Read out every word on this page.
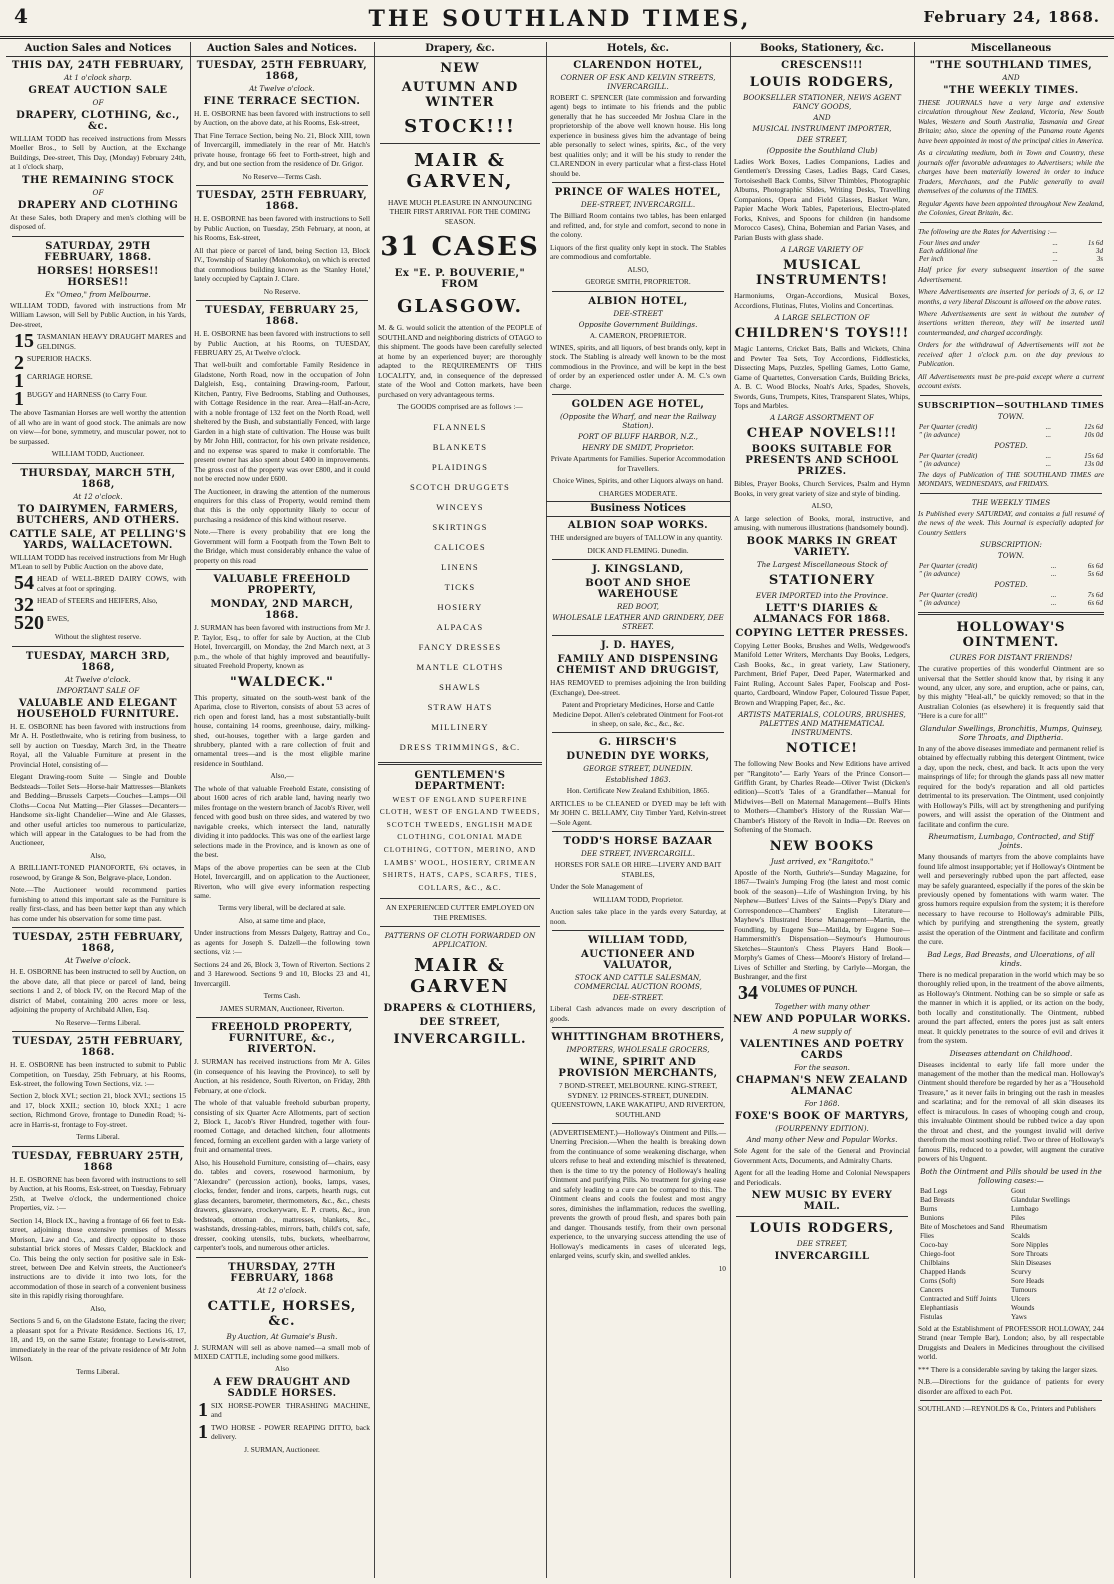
4	THE SOUTHLAND TIMES,	February 24, 1868.
Auction Sales and Notices
THIS DAY, 24TH FEBRUARY,
At 1 o'clock sharp.
GREAT AUCTION SALE
OF
DRAPERY, CLOTHING, &c., &c.

WILLIAM TODD has received instructions from Messrs Moeller Bros., to Sell by Auction, at the Exchange Buildings, Dee-street, This Day, (Monday) February 24th, at 1 o'clock sharp,

THE REMAINING STOCK
OF
DRAPERY AND CLOTHING

At these Sales, both Drapery and men's clothing will be disposed of.

SATURDAY, 29TH FEBRUARY, 1868.
HORSES! HORSES!! HORSES!!
Ex "Omeo," from Melbourne.

WILLIAM TODD, favored with instructions from Mr William Lawson, will Sell by Public Auction, in his Yards, Dee-street,

15 TASMANIAN HEAVY DRAUGHT MARES and GELDINGS.

2 SUPERIOR HACKS.

1 CARRIAGE HORSE.

1 BUGGY and HARNESS (to Carry Four.

The above Tasmanian Horses are well worthy the attention of all who are in want of good stock. The animals are now on view—for bone, symmetry, and muscular power, not to be surpassed.

WILLIAM TODD, Auctioneer.

THURSDAY, MARCH 5TH, 1868,
At 12 o'clock.
TO DAIRYMEN, FARMERS, BUTCHERS, AND OTHERS.
CATTLE SALE, AT PELLING'S YARDS, WALLACETOWN.

WILLIAM TODD has received instructions from Mr Hugh M'Lean to sell by Public Auction on the above date,

54 HEAD of WELL-BRED DAIRY COWS, with calves at foot or springing.

32 HEAD of STEERS and HEIFERS, Also,

520 EWES,

Without the slightest reserve.

TUESDAY, MARCH 3RD, 1868,
At Twelve o'clock.
IMPORTANT SALE OF
VALUABLE AND ELEGANT HOUSEHOLD FURNITURE.

H. E. OSBORNE has been favored with instructions from Mr A. H. Postlethwaite, who is retiring from business, to sell by auction on Tuesday, March 3rd, in the Theatre Royal, all the Valuable Furniture at present in the Provincial Hotel, consisting of—

Elegant Drawing-room Suite — Single and Double Bedsteads—Toilet Sets—Horse-hair Mattresses—Blankets and Bedding—Brussels Carpets—Couches—Lamps—Oil Cloths—Cocoa Nut Matting—Pier Glasses—Decanters—Handsome six-light Chandelier—Wine and Ale Glasses, and other useful articles too numerous to particularize, which will appear in the Catalogues to be had from the Auctioneer,

Also,

A BRILLIANT-TONED PIANOFORTE, 6¾ octaves, in rosewood, by Grange & Son, Belgrave-place, London.

Note.—The Auctioneer would recommend parties furnishing to attend this important sale as the Furniture is really first-class, and has been better kept than any which has come under his observation for some time past.

TUESDAY, 25TH FEBRUARY, 1868,
At Twelve o'clock.

H. E. OSBORNE has been instructed to sell by Auction, on the above date, all that piece or parcel of land, being sections 1 and 2, of block IV, on the Record Map of the district of Mabel, containing 200 acres more or less, adjoining the property of Archibald Allen, Esq.

No Reserve—Terms Liberal.

TUESDAY, 25TH FEBRUARY, 1868.

H. E. OSBORNE has been instructed to submit to Public Competition, on Tuesday, 25th February, at his Rooms, Esk-street, the following Town Sections, viz. :—

Section 2, block XVI.; section 21, block XVI.; sections 15 and 17, block XXII.; section 10, block XXI.; 1 acre section, Richmond Grove, frontage to Dunedin Road; ¼-acre in Harris-st, frontage to Foy-street.

Terms Liberal.

TUESDAY, FEBRUARY 25TH, 1868

H. E. OSBORNE has been favored with instructions to sell by Auction, at his Rooms, Esk-street, on Tuesday, February 25th, at Twelve o'clock, the undermentioned choice Properties, viz. :—

Section 14, Block IX., having a frontage of 66 feet to Esk-street, adjoining those extensive premises of Messrs Morison, Law and Co., and directly opposite to those substantial brick stores of Messrs Calder, Blacklock and Co. This being the only section for positive sale in Esk-street, between Dee and Kelvin streets, the Auctioneer's instructions are to divide it into two lots, for the accommodation of those in search of a convenient business site in this rapidly rising thoroughfare.

Also,

Sections 5 and 6, on the Gladstone Estate, facing the river; a pleasant spot for a Private Residence. Sections 16, 17, 18, and 19, on the same Estate; frontage to Lewis-street, immediately in the rear of the private residence of Mr John Wilson.

Terms Liberal.

Auction Sales and Notices.
TUESDAY, 25TH FEBRUARY, 1868,
At Twelve o'clock.
FINE TERRACE SECTION.

H. E. OSBORNE has been favored with instructions to sell by Auction, on the above date, at his Rooms, Esk-street,

That Fine Terrace Section, being No. 21, Block XIII, town of Invercargill, immediately in the rear of Mr. Hatch's private house, frontage 66 feet to Forth-street, high and dry, and but one section from the residence of Dr. Grigor.

No Reserve—Terms Cash.

TUESDAY, 25TH FEBRUARY, 1868.

H. E. OSBORNE has been favored with instructions to Sell by Public Auction, on Tuesday, 25th February, at noon, at his Rooms, Esk-street,

All that piece or parcel of land, being Section 13, Block IV., Township of Stanley (Mokomoko), on which is erected that commodious building known as the 'Stanley Hotel,' lately occupied by Captain J. Clare.

No Reserve.

TUESDAY, FEBRUARY 25, 1868.

H. E. OSBORNE has been favored with instructions to sell by Public Auction, at his Rooms, on TUESDAY, FEBRUARY 25, At Twelve o'clock.

That well-built and comfortable Family Residence in Gladstone, North Road, now in the occupation of John Dalgleish, Esq., containing Drawing-room, Parlour, Kitchen, Pantry, Five Bedrooms, Stabling and Outhouses, with Cottage Residence in the rear. Area—Half-an-Acre, with a noble frontage of 132 feet on the North Road, well sheltered by the Bush, and substantially Fenced, with large Garden in a high state of cultivation. The House was built by Mr John Hill, contractor, for his own private residence, and no expense was spared to make it comfortable. The present owner has also spent about £400 in improvements. The gross cost of the property was over £800, and it could not be erected now under £600.

The Auctioneer, in drawing the attention of the numerous enquirers for this class of Property, would remind them that this is the only opportunity likely to occur of purchasing a residence of this kind without reserve.

Note.—There is every probability that ere long the Government will form a Footpath from the Town Belt to the Bridge, which must considerably enhance the value of property on this road

VALUABLE FREEHOLD PROPERTY,
MONDAY, 2ND MARCH, 1868.

J. SURMAN has been favored with instructions from Mr J. P. Taylor, Esq., to offer for sale by Auction, at the Club Hotel, Invercargill, on Monday, the 2nd March next, at 3 p.m., the whole of that highly improved and beautifully-situated Freehold Property, known as

"WALDECK."

This property, situated on the south-west bank of the Aparima, close to Riverton, consists of about 53 acres of rich open and forest land, has a most substantially-built house, containing 14 rooms, greenhouse, dairy, milking-shed, out-houses, together with a large garden and shrubbery, planted with a rare collection of fruit and ornamental trees—and is the most eligible marine residence in Southland.

Also,—

The whole of that valuable Freehold Estate, consisting of about 1600 acres of rich arable land, having nearly two miles frontage on the western branch of Jacob's River, well fenced with good bush on three sides, and watered by two navigable creeks, which intersect the land, naturally dividing it into paddocks. This was one of the earliest large selections made in the Province, and is known as one of the best.

Maps of the above properties can be seen at the Club Hotel, Invercargill, and on application to the Auctioneer, Riverton, who will give every information respecting same.

Terms very liberal, will be declared at sale.

Also, at same time and place,

Under instructions from Messrs Dalgety, Rattray and Co., as agents for Joseph S. Dalzell—the following town sections, viz :—

Sections 24 and 26, Block 3, Town of Riverton. Sections 2 and 3 Harewood. Sections 9 and 10, Blocks 23 and 41, Invercargill.

Terms Cash.

JAMES SURMAN, Auctioneer, Riverton.

FREEHOLD PROPERTY, FURNITURE, &c., RIVERTON.

J. SURMAN has received instructions from Mr A. Giles (in consequence of his leaving the Province), to sell by Auction, at his residence, South Riverton, on Friday, 28th February, at one o'clock.

The whole of that valuable freehold suburban property, consisting of six Quarter Acre Allotments, part of section 2, Block I., Jacob's River Hundred, together with four-roomed Cottage, and detached kitchen, four allotments fenced, forming an excellent garden with a large variety of fruit and ornamental trees.

Also, his Household Furniture, consisting of—chairs, easy do. tables and covers, rosewood harmonium, by "Alexandre" (percussion action), books, lamps, vases, clocks, fender, fender and irons, carpets, hearth rugs, cut glass decanters, barometer, thermometers, &c., &c., chests drawers, glassware, crockeryware, E. P. cruets, &c., iron bedsteads, ottoman do., mattresses, blankets, &c., washstands, dressing-tables, mirrors, bath, child's cot, safe, dresser, cooking utensils, tubs, buckets, wheelbarrow, carpenter's tools, and numerous other articles.

THURSDAY, 27TH FEBRUARY, 1868
At 12 o'clock.
CATTLE, HORSES, &c.
By Auction, At Gumaie's Bush.

J. SURMAN will sell as above named—a small mob of MIXED CATTLE, including some good milkers.

Also

A FEW DRAUGHT AND SADDLE HORSES.

1 SIX HORSE-POWER THRASHING MACHINE, and

1 TWO HORSE - POWER REAPING DITTO, back delivery.

J. SURMAN, Auctioneer.

Drapery, &c.
NEW
AUTUMN AND WINTER
STOCK!!!
MAIR & GARVEN,

HAVE MUCH PLEASURE IN ANNOUNCING THEIR FIRST ARRIVAL FOR THE COMING SEASON.

31 CASES
Ex "E. P. BOUVERIE," FROM
GLASGOW.

M. & G. would solicit the attention of the PEOPLE of SOUTHLAND and neighboring districts of OTAGO to this shipment. The goods have been carefully selected at home by an experienced buyer; are thoroughly adapted to the REQUIREMENTS OF THIS LOCALITY, and, in consequence of the depressed state of the Wool and Cotton markets, have been purchased on very advantageous terms.

The GOODS comprised are as follows :—

FLANNELS
BLANKETS
PLAIDINGS
SCOTCH DRUGGETS
WINCEYS
SKIRTINGS
CALICOES
LINENS
TICKS
HOSIERY
ALPACAS
FANCY DRESSES
MANTLE CLOTHS
SHAWLS
STRAW HATS
MILLINERY
DRESS TRIMMINGS, &C.
GENTLEMEN'S DEPARTMENT:

WEST OF ENGLAND SUPERFINE CLOTH, WEST OF ENGLAND TWEEDS, SCOTCH TWEEDS, ENGLISH MADE CLOTHING, COLONIAL MADE CLOTHING, COTTON, MERINO, AND LAMBS' WOOL, HOSIERY, CRIMEAN SHIRTS, HATS, CAPS, SCARFS, TIES, COLLARS, &C., &C.

AN EXPERIENCED CUTTER EMPLOYED ON THE PREMISES.

PATTERNS OF CLOTH FORWARDED ON APPLICATION.
MAIR & GARVEN
DRAPERS & CLOTHIERS,
DEE STREET,
INVERCARGILL.
Hotels, &c.
CLARENDON HOTEL,
CORNER OF ESK AND KELVIN STREETS, INVERCARGILL.

ROBERT C. SPENCER (late commission and forwarding agent) begs to intimate to his friends and the public generally that he has succeeded Mr Joshua Clare in the proprietorship of the above well known house. His long experience in business gives him the advantage of being able personally to select wines, spirits, &c., of the very best qualities only; and it will be his study to render the CLARENDON in every particular what a first-class Hotel should be.

PRINCE OF WALES HOTEL,
DEE-STREET, INVERCARGILL.

The Billiard Room contains two tables, has been enlarged and refitted, and, for style and comfort, second to none in the colony.

Liquors of the first quality only kept in stock. The Stables are commodious and comfortable.

ALSO,

GEORGE SMITH, PROPRIETOR.

ALBION HOTEL,
DEE-STREET
Opposite Government Buildings.

A. CAMERON, PROPRIETOR.

WINES, spirits, and all liquors, of best brands only, kept in stock. The Stabling is already well known to be the most commodious in the Province, and will be kept in the best of order by an experienced ostler under A. M. C.'s own charge.

GOLDEN AGE HOTEL,
(Opposite the Wharf, and near the Railway Station).
PORT OF BLUFF HARBOR, N.Z.,
HENRY DE SMIDT, Proprietor.

Private Apartments for Families. Superior Accommodation for Travellers.

Choice Wines, Spirits, and other Liquors always on hand.

CHARGES MODERATE.

Business Notices
ALBION SOAP WORKS.

THE undersigned are buyers of TALLOW in any quantity.

DICK AND FLEMING. Dunedin.

J. KINGSLAND,
BOOT AND SHOE WAREHOUSE
RED BOOT,
WHOLESALE LEATHER AND GRINDERY, DEE STREET.
J. D. HAYES,
FAMILY AND DISPENSING CHEMIST AND DRUGGIST,

HAS REMOVED to premises adjoining the Iron building (Exchange), Dee-street.

Patent and Proprietary Medicines, Horse and Cattle Medicine Depot. Allen's celebrated Ointment for Foot-rot in sheep, on sale, &c., &c., &c.

G. HIRSCH'S
DUNEDIN DYE WORKS,
GEORGE STREET, DUNEDIN.
Established 1863.

Hon. Certificate New Zealand Exhibition, 1865.

ARTICLES to be CLEANED or DYED may be left with Mr JOHN C. BELLAMY, City Timber Yard, Kelvin-street—Sole Agent.

TODD'S HORSE BAZAAR
DEE STREET, INVERCARGILL.

HORSES FOR SALE OR HIRE—LIVERY AND BAIT STABLES,

Under the Sole Management of

WILLIAM TODD, Proprietor.

Auction sales take place in the yards every Saturday, at noon.

WILLIAM TODD,
AUCTIONEER AND VALUATOR,
STOCK AND CATTLE SALESMAN, COMMERCIAL AUCTION ROOMS,
DEE-STREET.

Liberal Cash advances made on every description of goods.

WHITTINGHAM BROTHERS,
IMPORTERS, WHOLESALE GROCERS,
WINE, SPIRIT AND PROVISION MERCHANTS,

7 BOND-STREET, MELBOURNE. KING-STREET, SYDNEY. 12 PRINCES-STREET, DUNEDIN. QUEENSTOWN, LAKE WAKATIPU, AND RIVERTON, SOUTHLAND

(ADVERTISEMENT.)—Holloway's Ointment and Pills.—Unerring Precision.—When the health is breaking down from the continuance of some weakening discharge, when ulcers refuse to heal and extending mischief is threatened, then is the time to try the potency of Holloway's healing Ointment and purifying Pills. No treatment for giving ease and safely leading to a cure can be compared to this. The Ointment cleans and cools the foulest and most angry sores, diminishes the inflammation, reduces the swelling, prevents the growth of proud flesh, and spares both pain and danger. Thousands testify, from their own personal experience, to the unvarying success attending the use of Holloway's medicaments in cases of ulcerated legs, enlarged veins, scurfy skin, and swelled ankles.

10

Books, Stationery, &c.
CRESCENS!!!
LOUIS RODGERS,
BOOKSELLER STATIONER, NEWS AGENT FANCY GOODS,
AND
MUSICAL INSTRUMENT IMPORTER,
DEE STREET,
(Opposite the Southland Club)

Ladies Work Boxes, Ladies Companions, Ladies and Gentlemen's Dressing Cases, Ladies Bags, Card Cases, Tortoiseshell Back Combs, Silver Thimbles, Photographic Albums, Photographic Slides, Writing Desks, Travelling Companions, Opera and Field Glasses, Basket Ware, Papier Mache Work Tables, Papeterious, Electro-plated Forks, Knives, and Spoons for children (in handsome Morocco Cases), China, Bohemian and Parian Vases, and Parian Busts with glass shade.

A LARGE VARIETY OF
MUSICAL INSTRUMENTS!

Harmoniums, Organ-Accordions, Musical Boxes, Accordions, Flutinas, Flutes, Violins and Concertinas.

A LARGE SELECTION OF
CHILDREN'S TOYS!!!

Magic Lanterns, Cricket Bats, Balls and Wickets, China and Pewter Tea Sets, Toy Accordions, Fiddlesticks, Dissecting Maps, Puzzles, Spelling Games, Lotto Game, Game of Quartettes, Conversation Cards, Building Bricks, A. B. C. Wood Blocks, Noah's Arks, Spades, Shovels, Swords, Guns, Trumpets, Kites, Transparent Slates, Whips, Tops and Marbles.

A LARGE ASSORTMENT OF
CHEAP NOVELS!!!
BOOKS SUITABLE FOR PRESENTS AND SCHOOL PRIZES.

Bibles, Prayer Books, Church Services, Psalm and Hymn Books, in very great variety of size and style of binding.

ALSO,

A large selection of Books, moral, instructive, and amusing, with numerous illustrations (handsomely bound).

BOOK MARKS IN GREAT VARIETY.
The Largest Miscellaneous Stock of
STATIONERY
EVER IMPORTED into the Province.
LETT'S DIARIES & ALMANACS FOR 1868.
COPYING LETTER PRESSES.

Copying Letter Books, Brushes and Wells, Wedgewood's Manifold Letter Writers, Merchants Day Books, Ledgers, Cash Books, &c., in great variety, Law Stationery, Parchment, Brief Paper, Deed Paper, Watermarked and Faint Ruling, Account Sales Paper, Foolscap and Post-quarto, Cardboard, Window Paper, Coloured Tissue Paper, Brown and Wrapping Paper, &c., &c.

ARTISTS MATERIALS, COLOURS, BRUSHES, PALETTES AND MATHEMATICAL INSTRUMENTS.
NOTICE!

The following New Books and New Editions have arrived per "Rangitoto"— Early Years of the Prince Consort—Griffith Grant, by Charles Reade—Oliver Twist (Dicken's edition)—Scott's Tales of a Grandfather—Manual for Midwives—Bell on Maternal Management—Bull's Hints to Mothers—Chamber's History of the Russian War—Chamber's History of the Revolt in India—Dr. Reeves on Softening of the Stomach.

NEW BOOKS
Just arrived, ex "Rangitoto."

Apostle of the North, Guthrie's—Sunday Magazine, for 1867—Twain's Jumping Frog (the latest and most comic book of the season)—Life of Washington Irving, by his Nephew—Butlers' Lives of the Saints—Pepy's Diary and Correspondence—Chambers' English Literature—Mayhew's Illustrated Horse Management—Martin, the Foundling, by Eugene Sue—Matilda, by Eugene Sue—Hammersmith's Dispensation—Seymour's Humourous Sketches—Staunton's Chess Players Hand Book—Morphy's Games of Chess—Moore's History of Ireland—Lives of Schiller and Sterling, by Carlyle—Morgan, the Bushranger, and the first

34 VOLUMES OF PUNCH.

Together with many other
NEW AND POPULAR WORKS.
A new supply of
VALENTINES AND POETRY CARDS
For the season.
CHAPMAN'S NEW ZEALAND ALMANAC
For 1868.
FOXE'S BOOK OF MARTYRS,
(FOURPENNY EDITION).
And many other New and Popular Works.

Sole Agent for the sale of the General and Provincial Government Acts, Documents, and Admiralty Charts.

Agent for all the leading Home and Colonial Newspapers and Periodicals.

NEW MUSIC BY EVERY MAIL.
LOUIS RODGERS,
DEE STREET,
INVERCARGILL
Miscellaneous
"THE SOUTHLAND TIMES,
AND
"THE WEEKLY TIMES.

THESE JOURNALS have a very large and extensive circulation throughout New Zealand, Victoria, New South Wales, Western and South Australia, Tasmania and Great Britain; also, since the opening of the Panama route Agents have been appointed in most of the principal cities in America.

As a circulating medium, both in Town and Country, these journals offer favorable advantages to Advertisers; while the charges have been materially lowered in order to induce Traders, Merchants, and the Public generally to avail themselves of the columns of the TIMES.

Regular Agents have been appointed throughout New Zealand, the Colonies, Great Britain, &c.

The following are the Rates for Advertising :—

Four lines and under	...	1s 6d
Each additional line	...	3d
Per inch	...	3s

Half price for every subsequent insertion of the same Advertisement.

Where Advertisements are inserted for periods of 3, 6, or 12 months, a very liberal Discount is allowed on the above rates.

Where Advertisements are sent in without the number of insertions written thereon, they will be inserted until countermanded, and charged accordingly.

Orders for the withdrawal of Advertisements will not be received after 1 o'clock p.m. on the day previous to Publication.

All Advertisements must be pre-paid except where a current account exists.

SUBSCRIPTION—SOUTHLAND TIMES
TOWN.
Per Quarter (credit)	...	12s 6d
" (in advance)	...	10s 0d
POSTED.
Per Quarter (credit)	...	15s 6d
" (in advance)	...	13s 0d

The days of Publication of THE SOUTHLAND TIMES are MONDAYS, WEDNESDAYS, and FRIDAYS.

THE WEEKLY TIMES

Is Published every SATURDAY, and contains a full resumé of the news of the week. This Journal is especially adapted for Country Settlers

SUBSCRIPTION:
TOWN.
Per Quarter (credit)	...	6s 6d
" (in advance)	...	5s 6d
POSTED.
Per Quarter (credit)	...	7s 6d
" (in advance)	...	6s 6d
HOLLOWAY'S OINTMENT.
CURES FOR DISTANT FRIENDS!

The curative properties of this wonderful Ointment are so universal that the Settler should know that, by rising it any wound, any ulcer, any sore, and eruption, ache or pains, can, by this mighty "Heal-all," be quickly removed; so that in the Australian Colonies (as elsewhere) it is frequently said that "Here is a cure for all!"

Glandular Swellings, Bronchitis, Mumps, Quinsey, Sore Throats, and Diptheria.

In any of the above diseases immediate and permanent relief is obtained by effectually rubbing this detergent Ointment, twice a day, upon the neck, chest, and back. It acts upon the very mainsprings of life; for through the glands pass all new matter required for the body's reparation and all old particles detrimental to its preservation. The Ointment, used conjointly with Holloway's Pills, will act by strengthening and purifying powers, and will assist the operation of the Ointment and facilitate and confirm the cure.

Rheumatism, Lumbago, Contracted, and Stiff Joints.

Many thousands of martyrs from the above complaints have found life almost insupportable; yet if Holloway's Ointment be well and perseveringly rubbed upon the part affected, ease may be safely guaranteed, especially if the pores of the skin be previously opened by fomentations with warm water. The gross humors require expulsion from the system; it is therefore necessary to have recourse to Holloway's admirable Pills, which by purifying and strengthening the system, greatly assist the operation of the Ointment and facilitate and confirm the cure.

Bad Legs, Bad Breasts, and Ulcerations, of all kinds.

There is no medical preparation in the world which may be so thoroughly relied upon, in the treatment of the above ailments, as Holloway's Ointment. Nothing can be so simple or safe as the manner in which it is applied, or its action on the body, both locally and constitutionally. The Ointment, rubbed around the part affected, enters the pores just as salt enters meat. It quickly penetrates to the source of evil and drives it from the system.

Diseases attendant on Childhood.

Diseases incidental to early life fall more under the management of the mother than the medical man. Holloway's Ointment should therefore be regarded by her as a "Household Treasure," as it never fails in bringing out the rash in measles and scarlatina; and for the removal of all skin diseases its effect is miraculous. In cases of whooping cough and croup, this invaluable Ointment should be rubbed twice a day upon the throat and chest, and the youngest invalid will derive therefrom the most soothing relief. Two or three of Holloway's famous Pills, reduced to a powder, will augment the curative powers of his Unguent.

Both the Ointment and Pills should be used in the following cases:—
Bad Legs
Bad Breasts
Burns
Bunions
Bite of Moschetoes and Sand Flies
Coco-bay
Chiego-foot
Chilblains
Chapped Hands
Corns (Soft)
Cancers
Contracted and Stiff Joints
Elephantiasis
Fistulas
Gout
Glandular Swellings
Lumbago
Piles
Rheumatism
Scalds
Sore Nipples
Sore Throats
Skin Diseases
Scurvy
Sore Heads
Tumours
Ulcers
Wounds
Yaws

Sold at the Establishment of PROFESSOR HOLLOWAY, 244 Strand (near Temple Bar), London; also, by all respectable Druggists and Dealers in Medicines throughout the civilised world.

*** There is a considerable saving by taking the larger sizes.

N.B.—Directions for the guidance of patients for every disorder are affixed to each Pot.

SOUTHLAND :—REYNOLDS & Co., Printers and Publishers
